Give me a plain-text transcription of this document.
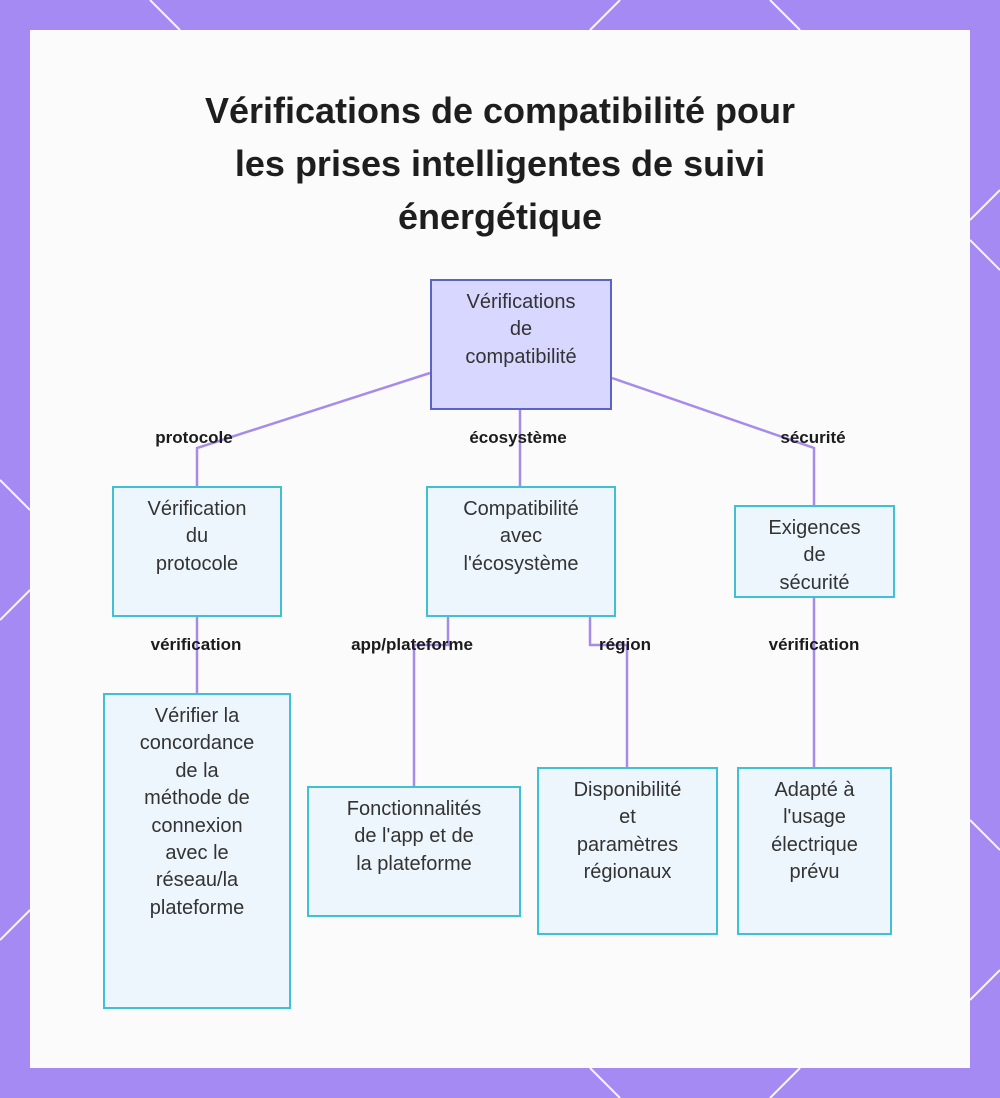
Vérifications de compatibilité pour
les prises intelligentes de suivi
énergétique
Vérifications
de
compatibilité
Vérification
du
protocole
Compatibilité
avec
l'écosystème
Exigences
de
sécurité
Vérifier la
concordance
de la
méthode de
connexion
avec le
réseau/la
plateforme
Fonctionnalités
de l'app et de
la plateforme
Disponibilité
et
paramètres
régionaux
Adapté à
l'usage
électrique
prévu
protocole	écosystème	sécurité
vérification	app/plateforme	région	vérification
